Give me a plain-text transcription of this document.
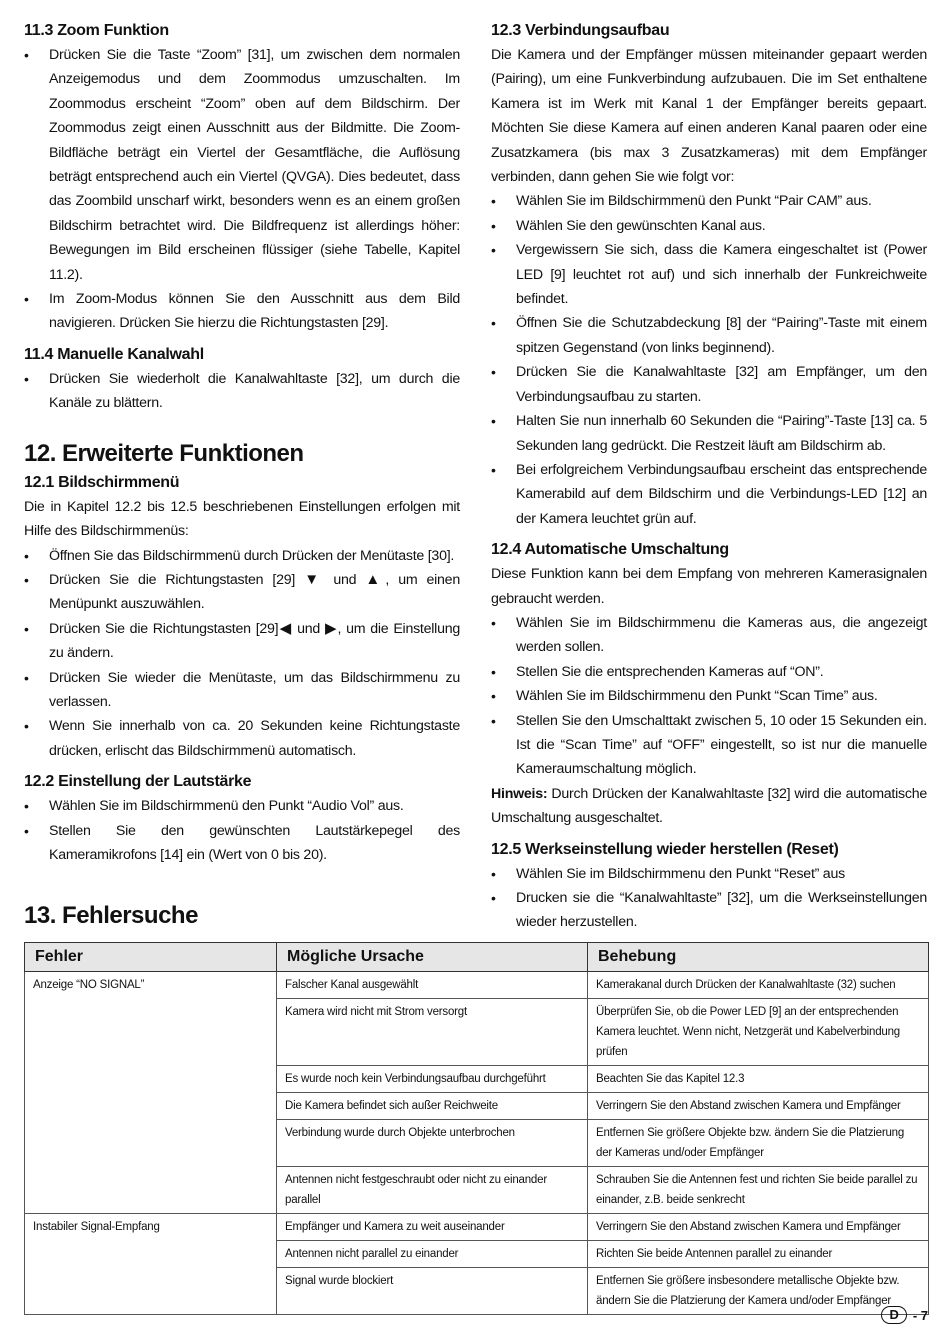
11.3 Zoom Funktion
• Drücken Sie die Taste “Zoom” [31], um zwischen dem normalen Anzeigemodus und dem Zoommodus umzuschalten. Im Zoommodus erscheint “Zoom” oben auf dem Bildschirm. Der Zoommodus zeigt einen Ausschnitt aus der Bildmitte. Die Zoom-Bildfläche beträgt ein Viertel der Gesamtfläche, die Auflösung beträgt entsprechend auch ein Viertel (QVGA). Dies bedeutet, dass das Zoombild unscharf wirkt, besonders wenn es an einem großen Bildschirm betrachtet wird. Die Bildfrequenz ist allerdings höher: Bewegungen im Bild erscheinen flüssiger (siehe Tabelle, Kapitel 11.2).
• Im Zoom-Modus können Sie den Ausschnitt aus dem Bild navigieren. Drücken Sie hierzu die Richtungstasten [29].
11.4 Manuelle Kanalwahl
• Drücken Sie wiederholt die Kanalwahltaste [32], um durch die Kanäle zu blättern.
12. Erweiterte Funktionen
12.1 Bildschirmmenü

Die in Kapitel 12.2 bis 12.5 beschriebenen Einstellungen erfolgen mit Hilfe des Bildschirmmenüs:

• Öffnen Sie das Bildschirmmenü durch Drücken der Menütaste [30].
• Drücken Sie die Richtungstasten [29] ▼ und ▲, um einen Menüpunkt auszuwählen.
• Drücken Sie die Richtungstasten [29]◀ und ▶, um die Einstellung zu ändern.
• Drücken Sie wieder die Menütaste, um das Bildschirmmenu zu verlassen.
• Wenn Sie innerhalb von ca. 20 Sekunden keine Richtungstaste drücken, erlischt das Bildschirmmenü automatisch.
12.2 Einstellung der Lautstärke
• Wählen Sie im Bildschirmmenü den Punkt “Audio Vol” aus.
• Stellen Sie den gewünschten Lautstärkepegel des Kameramikrofons [14] ein (Wert von 0 bis 20).
12.3 Verbindungsaufbau

Die Kamera und der Empfänger müssen miteinander gepaart werden (Pairing), um eine Funkverbindung aufzubauen. Die im Set enthaltene Kamera ist im Werk mit Kanal 1 der Empfänger bereits gepaart. Möchten Sie diese Kamera auf einen anderen Kanal paaren oder eine Zusatzkamera (bis max 3 Zusatzkameras) mit dem Empfänger verbinden, dann gehen Sie wie folgt vor:

• Wählen Sie im Bildschirmmenü den Punkt “Pair CAM” aus.
• Wählen Sie den gewünschten Kanal aus.
• Vergewissern Sie sich, dass die Kamera eingeschaltet ist (Power LED [9] leuchtet rot auf) und sich innerhalb der Funkreichweite befindet.
• Öffnen Sie die Schutzabdeckung [8] der “Pairing”-Taste mit einem spitzen Gegenstand (von links beginnend).
• Drücken Sie die Kanalwahltaste [32] am Empfänger, um den Verbindungsaufbau zu starten.
• Halten Sie nun innerhalb 60 Sekunden die “Pairing”-Taste [13] ca. 5 Sekunden lang gedrückt. Die Restzeit läuft am Bildschirm ab.
• Bei erfolgreichem Verbindungsaufbau erscheint das entsprechende Kamerabild auf dem Bildschirm und die Verbindungs-LED [12] an der Kamera leuchtet grün auf.
12.4 Automatische Umschaltung

Diese Funktion kann bei dem Empfang von mehreren Kamerasignalen gebraucht werden.

• Wählen Sie im Bildschirmmenu die Kameras aus, die angezeigt werden sollen.
• Stellen Sie die entsprechenden Kameras auf “ON”.
• Wählen Sie im Bildschirmmenu den Punkt “Scan Time” aus.
• Stellen Sie den Umschalttakt zwischen 5, 10 oder 15 Sekunden ein. Ist die “Scan Time” auf “OFF” eingestellt, so ist nur die manuelle Kameraumschaltung möglich.

Hinweis: Durch Drücken der Kanalwahltaste [32] wird die automatische Umschaltung ausgeschaltet.

12.5 Werkseinstellung wieder herstellen (Reset)
• Wählen Sie im Bildschirmmenu den Punkt “Reset” aus
• Drucken sie die “Kanalwahltaste” [32], um die Werkseinstellungen wieder herzustellen.
13. Fehlersuche
Fehler	Mögliche Ursache	Behebung
Anzeige “NO SIGNAL”	Falscher Kanal ausgewählt	Kamerakanal durch Drücken der Kanalwahltaste (32) suchen
	Kamera wird nicht mit Strom versorgt	Überprüfen Sie, ob die Power LED [9] an der entsprechenden Kamera leuchtet. Wenn nicht, Netzgerät und Kabelverbindung prüfen
	Es wurde noch kein Verbindungsaufbau durchgeführt	Beachten Sie das Kapitel 12.3
	Die Kamera befindet sich außer Reichweite	Verringern Sie den Abstand zwischen Kamera und Empfänger
	Verbindung wurde durch Objekte unterbrochen	Entfernen Sie größere Objekte bzw. ändern Sie die Platzierung der Kameras und/oder Empfänger
	Antennen nicht festgeschraubt oder nicht zu einander parallel	Schrauben Sie die Antennen fest und richten Sie beide parallel zu einander, z.B. beide senkrecht
Instabiler Signal-Empfang	Empfänger und Kamera zu weit auseinander	Verringern Sie den Abstand zwischen Kamera und Empfänger
	Antennen nicht parallel zu einander	Richten Sie beide Antennen parallel zu einander
	Signal wurde blockiert	Entfernen Sie größere insbesondere metallische Objekte bzw. ändern Sie die Platzierung der Kamera und/oder Empfänger
D	- 7
